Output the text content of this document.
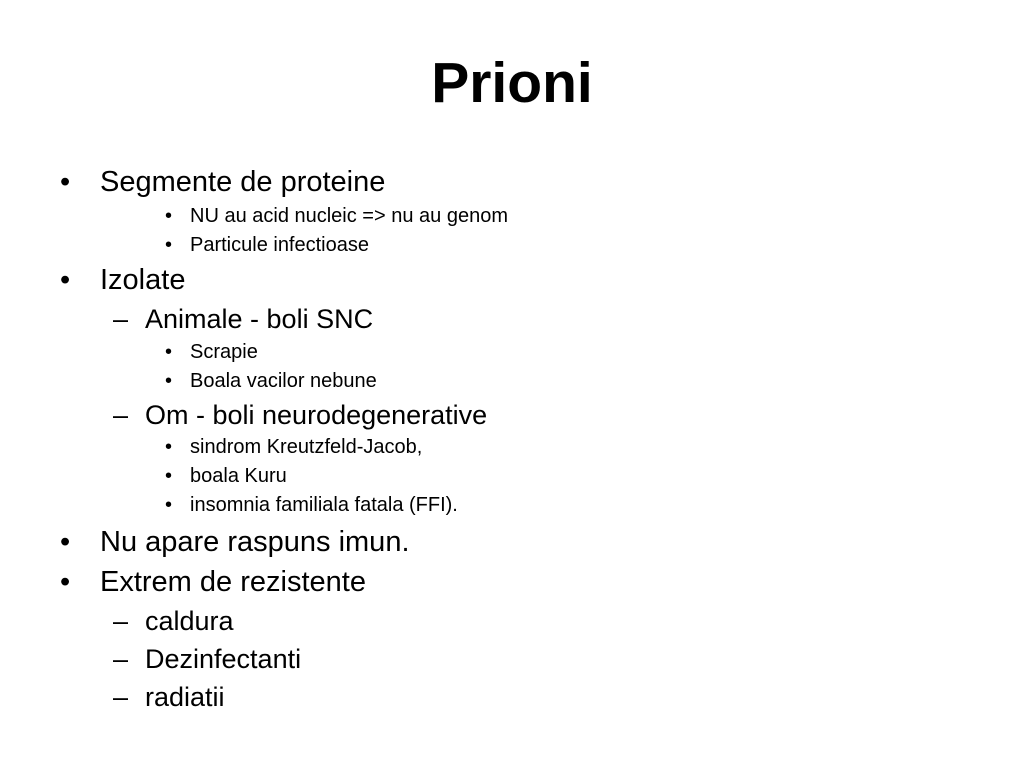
Prioni
• Segmente de proteine
• NU au acid nucleic => nu au genom
• Particule infectioase
• Izolate
– Animale - boli SNC
• Scrapie
• Boala vacilor nebune
– Om - boli neurodegenerative
• sindrom Kreutzfeld-Jacob,
• boala Kuru
• insomnia familiala fatala (FFI).
• Nu apare raspuns imun.
• Extrem de rezistente
– caldura
– Dezinfectanti
– radiatii
